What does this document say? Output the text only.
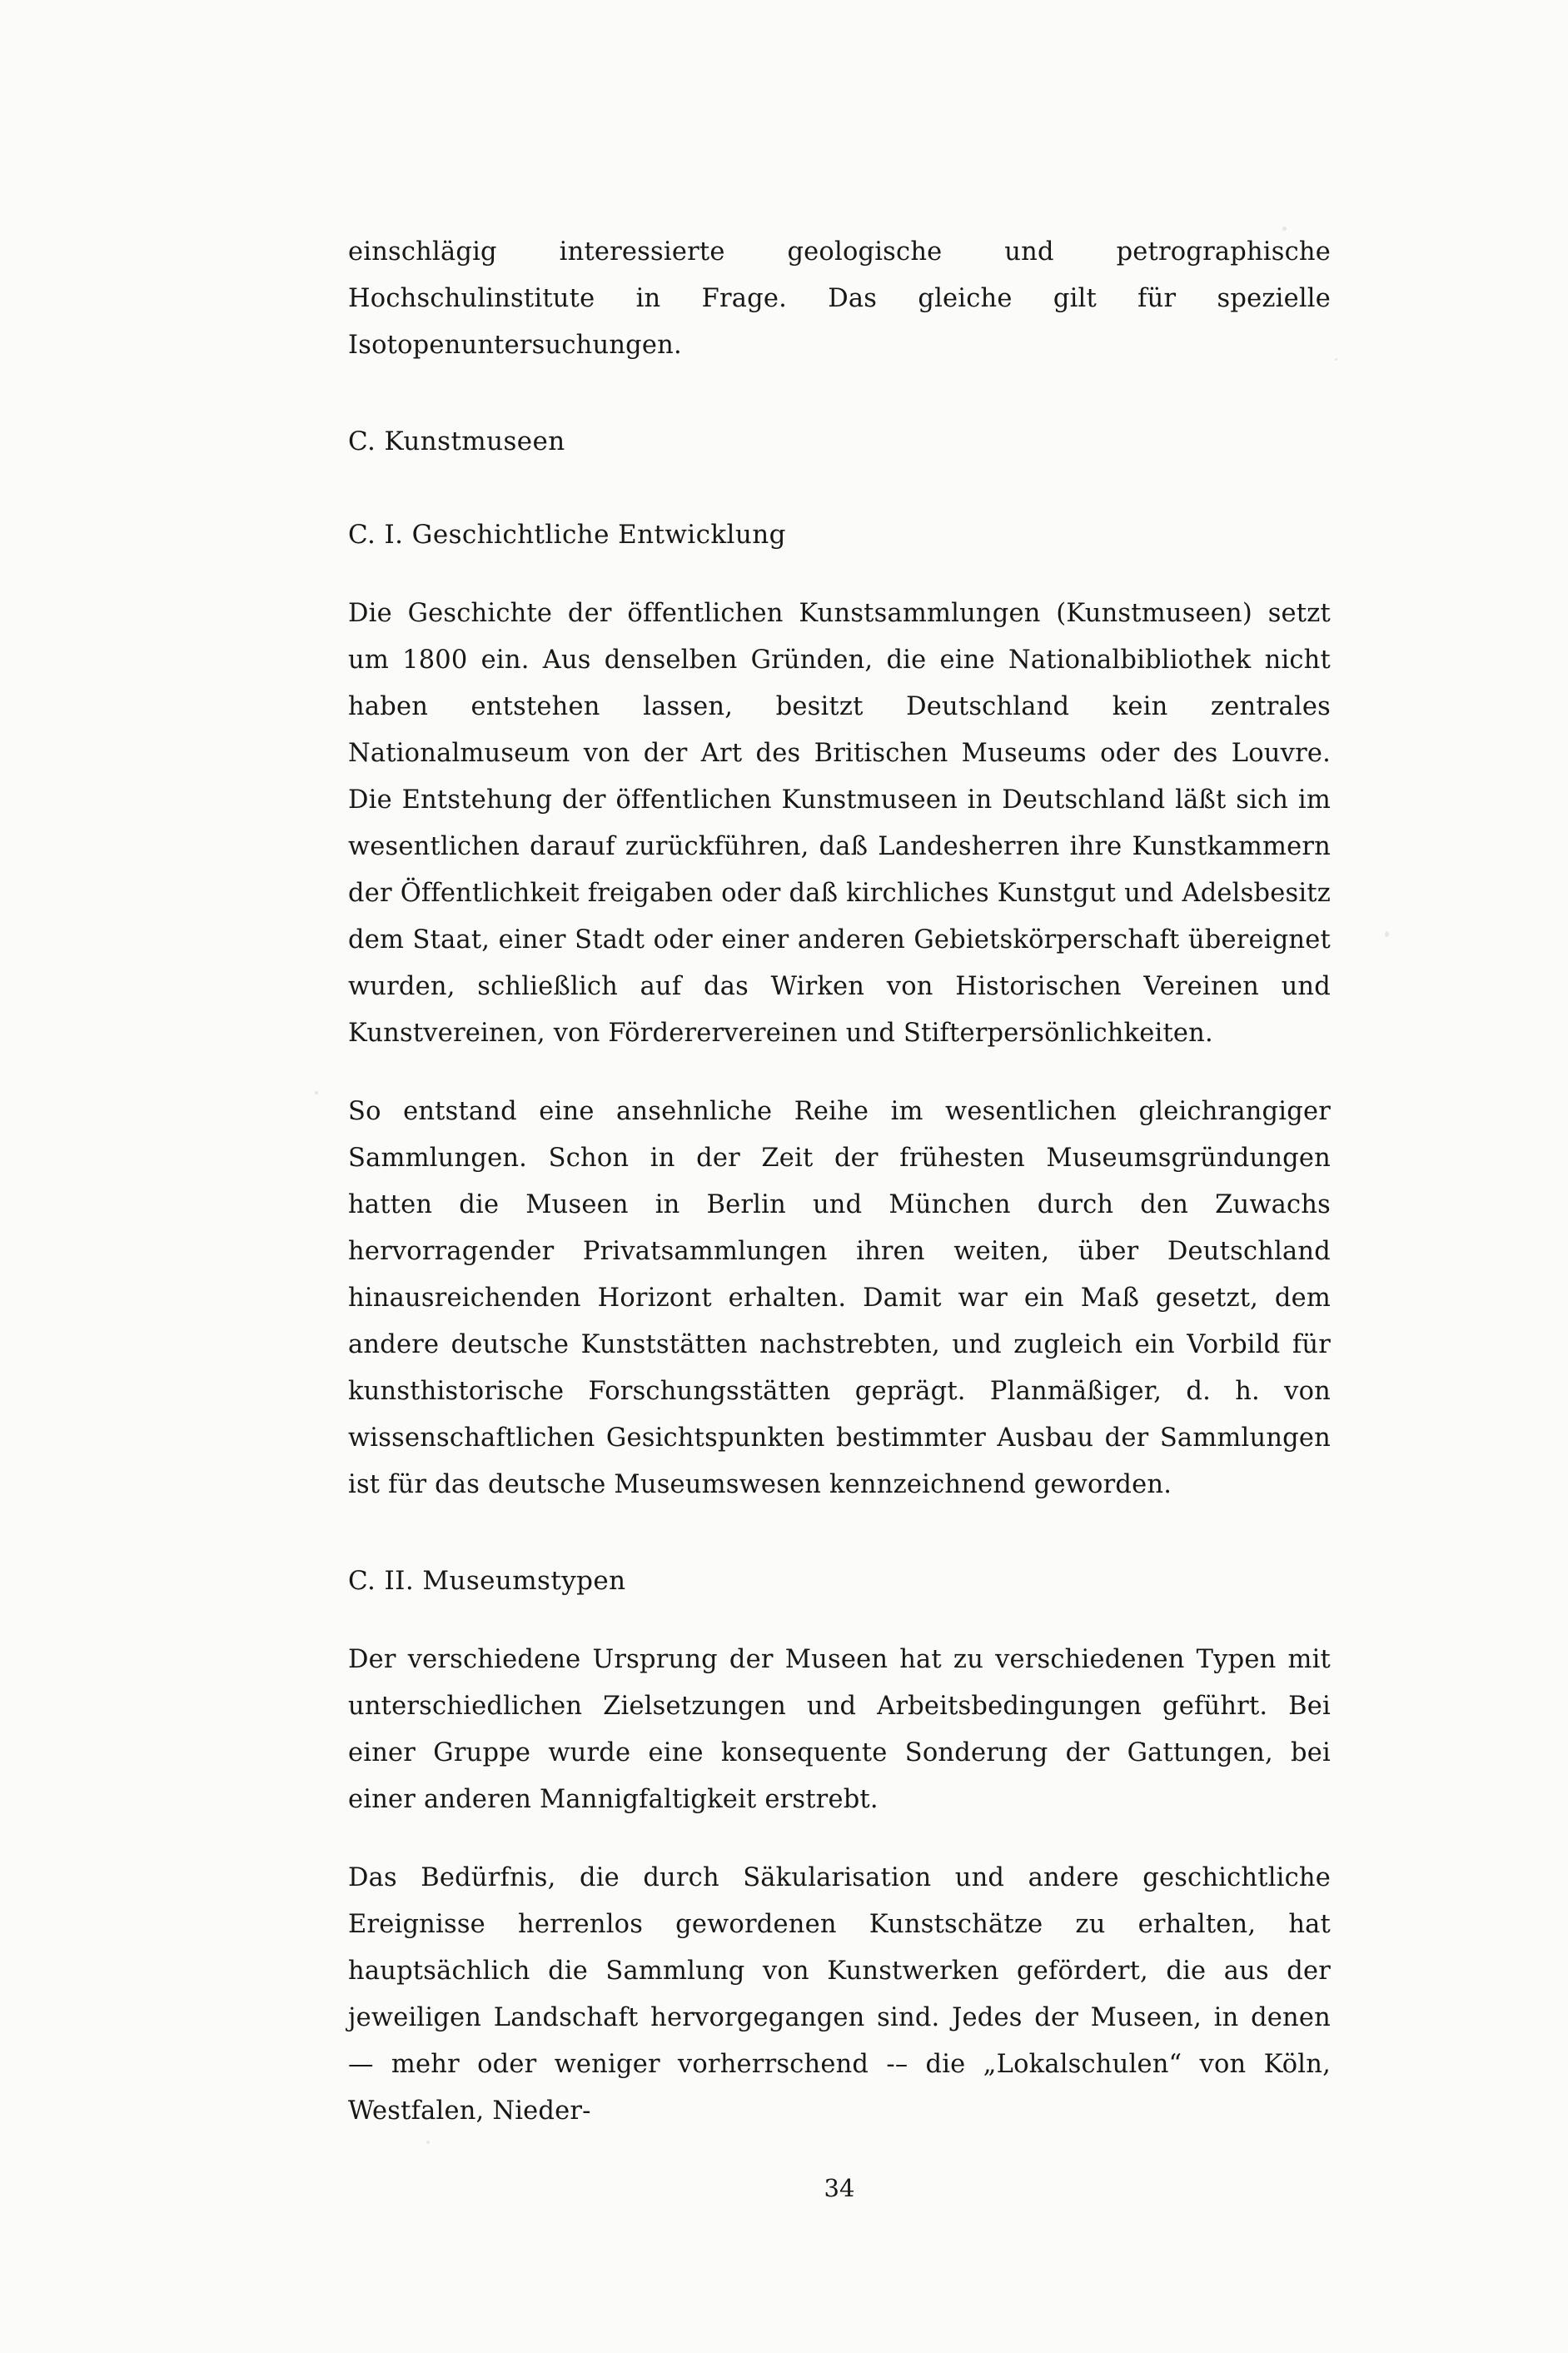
einschlägig interessierte geologische und petrographische Hochschulinstitute in Frage. Das gleiche gilt für spezielle Isotopenuntersuchungen.

C. Kunstmuseen
C. I. Geschichtliche Entwicklung

Die Geschichte der öffentlichen Kunstsammlungen (Kunstmuseen) setzt um 1800 ein. Aus denselben Gründen, die eine Nationalbibliothek nicht haben entstehen lassen, besitzt Deutschland kein zentrales Nationalmuseum von der Art des Britischen Museums oder des Louvre. Die Entstehung der öffentlichen Kunstmuseen in Deutschland läßt sich im wesentlichen darauf zurückführen, daß Landesherren ihre Kunstkammern der Öffentlichkeit freigaben oder daß kirchliches Kunstgut und Adelsbesitz dem Staat, einer Stadt oder einer anderen Gebietskörperschaft übereignet wurden, schließlich auf das Wirken von Historischen Vereinen und Kunstvereinen, von Förderervereinen und Stifterpersönlichkeiten.

So entstand eine ansehnliche Reihe im wesentlichen gleichrangiger Sammlungen. Schon in der Zeit der frühesten Museumsgründungen hatten die Museen in Berlin und München durch den Zuwachs hervorragender Privatsammlungen ihren weiten, über Deutschland hinausreichenden Horizont erhalten. Damit war ein Maß gesetzt, dem andere deutsche Kunststätten nachstrebten, und zugleich ein Vorbild für kunsthistorische Forschungsstätten geprägt. Planmäßiger, d. h. von wissenschaftlichen Gesichtspunkten bestimmter Ausbau der Sammlungen ist für das deutsche Museumswesen kennzeichnend geworden.

C. II. Museumstypen

Der verschiedene Ursprung der Museen hat zu verschiedenen Typen mit unterschiedlichen Zielsetzungen und Arbeitsbedingungen geführt. Bei einer Gruppe wurde eine konsequente Sonderung der Gattungen, bei einer anderen Mannigfaltigkeit erstrebt.

Das Bedürfnis, die durch Säkularisation und andere geschichtliche Ereignisse herrenlos gewordenen Kunstschätze zu erhalten, hat hauptsächlich die Sammlung von Kunstwerken gefördert, die aus der jeweiligen Landschaft hervorgegangen sind. Jedes der Museen, in denen — mehr oder weniger vorherrschend -– die „Lokalschulen“ von Köln, Westfalen, Nieder-

34
